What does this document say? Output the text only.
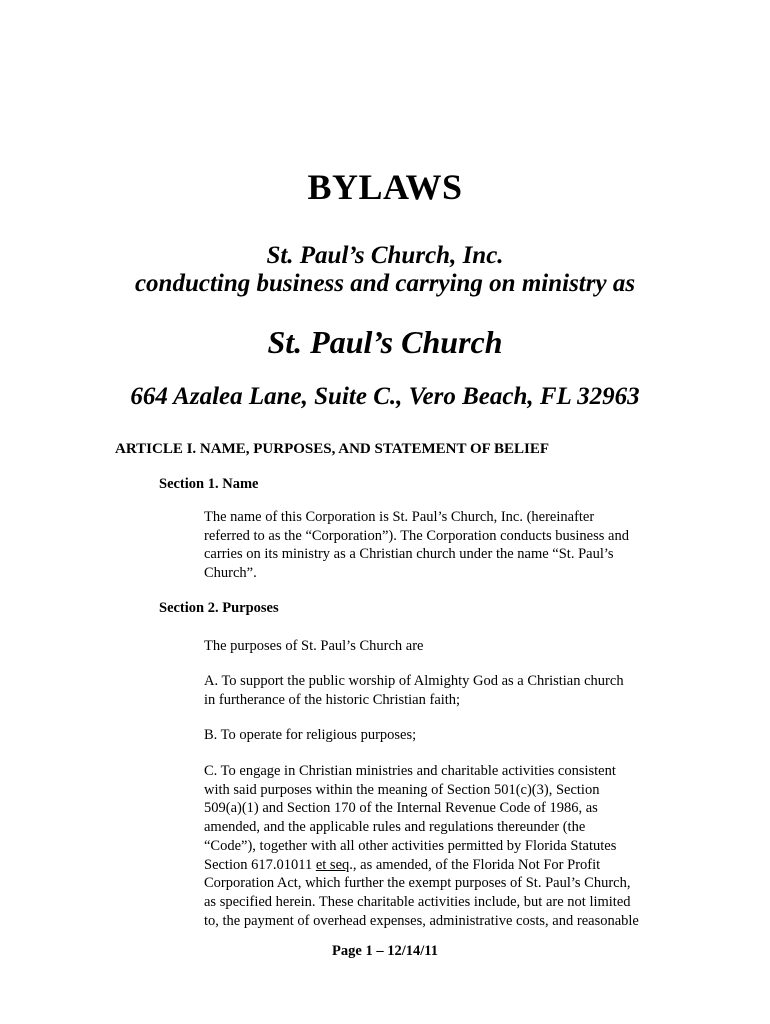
BYLAWS
St. Paul’s Church, Inc.
conducting business and carrying on ministry as
St. Paul’s Church
664 Azalea Lane, Suite C., Vero Beach, FL 32963
ARTICLE I. NAME, PURPOSES, AND STATEMENT OF BELIEF
Section 1. Name
The name of this Corporation is St. Paul’s Church, Inc. (hereinafter
referred to as the “Corporation”). The Corporation conducts business and
carries on its ministry as a Christian church under the name “St. Paul’s
Church”.
Section 2. Purposes
The purposes of St. Paul’s Church are
A. To support the public worship of Almighty God as a Christian church
in furtherance of the historic Christian faith;
B. To operate for religious purposes;
C. To engage in Christian ministries and charitable activities consistent
with said purposes within the meaning of Section 501(c)(3), Section
509(a)(1) and Section 170 of the Internal Revenue Code of 1986, as
amended, and the applicable rules and regulations thereunder (the
“Code”), together with all other activities permitted by Florida Statutes
Section 617.01011 et seq., as amended, of the Florida Not For Profit
Corporation Act, which further the exempt purposes of St. Paul’s Church,
as specified herein. These charitable activities include, but are not limited
to, the payment of overhead expenses, administrative costs, and reasonable
Page 1 – 12/14/11
